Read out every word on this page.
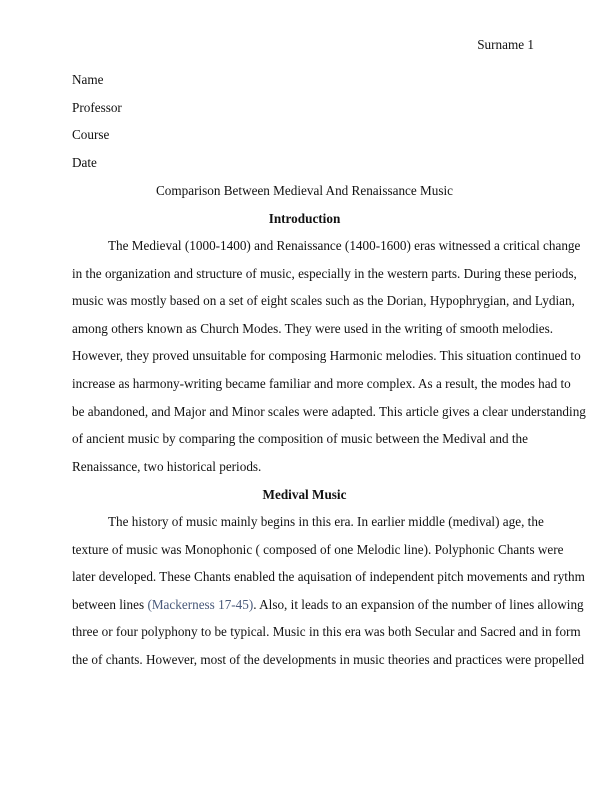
Surname 1
Name
Professor
Course
Date
Comparison Between Medieval And Renaissance Music
Introduction
The Medieval (1000-1400) and Renaissance (1400-1600) eras witnessed a critical change
in the organization and structure of music, especially in the western parts. During these periods,
music was mostly based on a set of eight scales such as the Dorian, Hypophrygian, and Lydian,
among others known as Church Modes. They were used in the writing of smooth melodies.
However, they proved unsuitable for composing Harmonic melodies. This situation continued to
increase as harmony-writing became familiar and more complex. As a result, the modes had to
be abandoned, and Major and Minor scales were adapted. This article gives a clear understanding
of ancient music by comparing the composition of music between the Medival and the
Renaissance, two historical periods.
Medival Music
The history of music mainly begins in this era. In earlier middle (medival) age, the
texture of music was Monophonic ( composed of one Melodic line). Polyphonic Chants were
later developed. These Chants enabled the aquisation of independent pitch movements and rythm
between lines (Mackerness 17-45). Also, it leads to an expansion of the number of lines allowing
three or four polyphony to be typical. Music in this era was both Secular and Sacred and in form
the of chants. However, most of the developments in music theories and practices were propelled
